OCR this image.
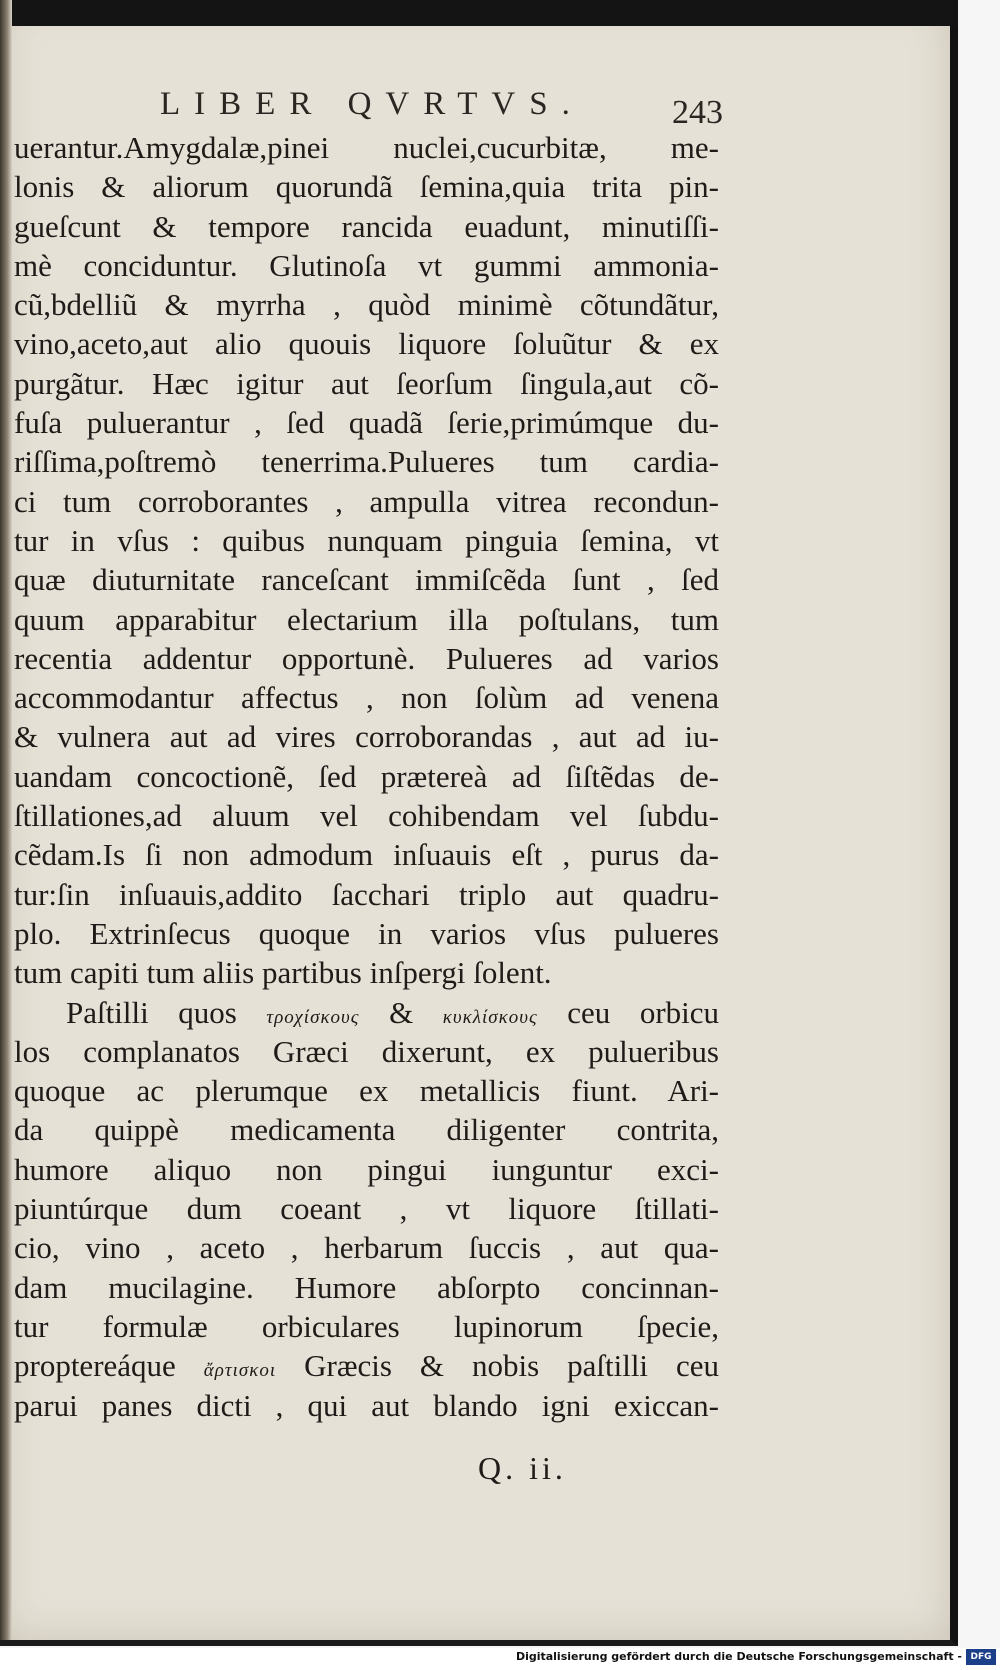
LIBER QVRTVS.	243
uerantur.Amygdalæ,pinei nuclei,cucurbitæ, me-
lonis & aliorum quorundã ſemina,quia trita pin-
gueſcunt & tempore rancida euadunt, minutiſſi-
mè conciduntur. Glutinoſa vt gummi ammonia-
cũ,bdelliũ & myrrha , quòd minimè cõtundãtur,
vino,aceto,aut alio quouis liquore ſoluũtur & ex
purgãtur. Hæc igitur aut ſeorſum ſingula,aut cõ-
fuſa puluerantur , ſed quadã ſerie,primúmque du-
riſſima,poſtremò tenerrima.Pulueres tum cardia-
ci tum corroborantes , ampulla vitrea recondun-
tur in vſus : quibus nunquam pinguia ſemina, vt
quæ diuturnitate ranceſcant immiſcẽda ſunt , ſed
quum apparabitur electarium illa poſtulans, tum
recentia addentur opportunè. Pulueres ad varios
accommodantur affectus , non ſolùm ad venena
& vulnera aut ad vires corroborandas , aut ad iu-
uandam concoctionẽ, ſed prætereà ad ſiſtẽdas de-
ſtillationes,ad aluum vel cohibendam vel ſubdu-
cẽdam.Is ſi non admodum inſuauis eſt , purus da-
tur:ſin inſuauis,addito ſacchari triplo aut quadru-
plo. Extrinſecus quoque in varios vſus pulueres
tum capiti tum aliis partibus inſpergi ſolent.
Paſtilli quos τροχίσκους & κυκλίσκους ceu orbicu
los complanatos Græci dixerunt, ex pulueribus
quoque ac plerumque ex metallicis fiunt. Ari-
da quippè medicamenta diligenter contrita,
humore aliquo non pingui iunguntur exci-
piuntúrque dum coeant , vt liquore ſtillati-
cio, vino , aceto , herbarum ſuccis , aut qua-
dam mucilagine. Humore abſorpto concinnan-
tur formulæ orbiculares lupinorum ſpecie,
proptereáque ἄρτισκοι Græcis & nobis paſtilli ceu
parui panes dicti , qui aut blando igni exiccan-
Q. ii.
Digitalisierung gefördert durch die Deutsche Forschungsgemeinschaft - DFG
